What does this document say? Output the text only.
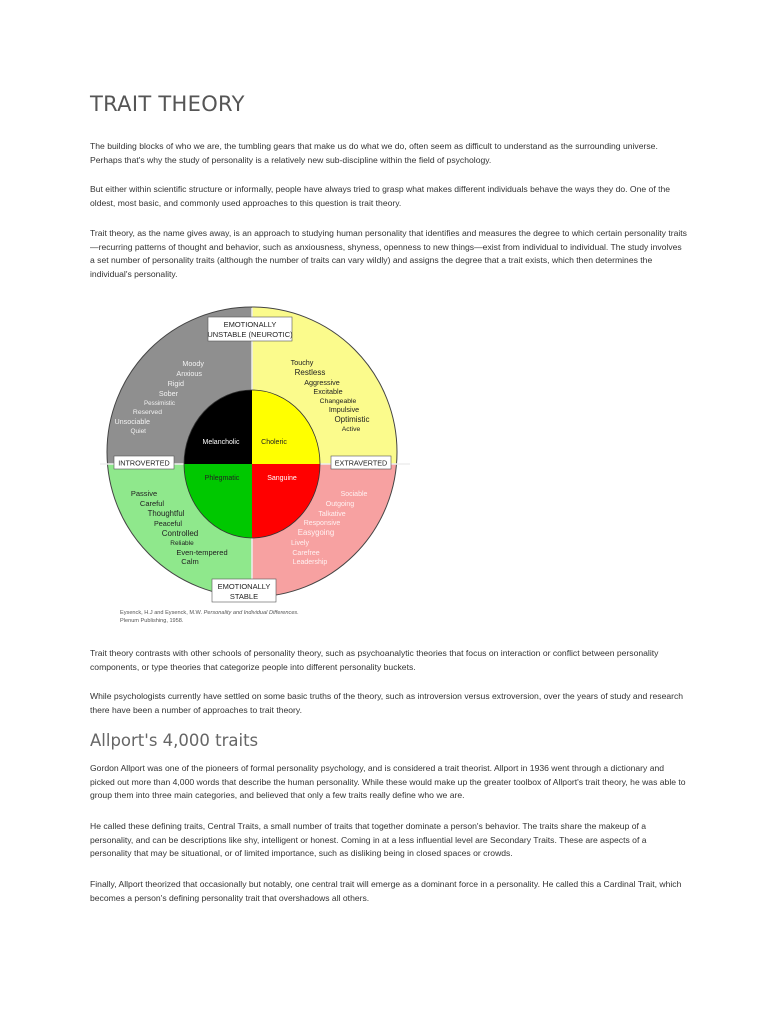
TRAIT THEORY

The building blocks of who we are, the tumbling gears that make us do what we do, often seem as difficult to understand as the surrounding universe. Perhaps that's why the study of personality is a relatively new sub-discipline within the field of psychology.

But either within scientific structure or informally, people have always tried to grasp what makes different individuals behave the ways they do. One of the oldest, most basic, and commonly used approaches to this question is trait theory.

Trait theory, as the name gives away, is an approach to studying human personality that identifies and measures the degree to which certain personality traits—recurring patterns of thought and behavior, such as anxiousness, shyness, openness to new things—exist from individual to individual. The study involves a set number of personality traits (although the number of traits can vary wildly) and assigns the degree that a trait exists, which then determines the individual's personality.

EMOTIONALLY
UNSTABLE (NEUROTIC)
EMOTIONALLY
STABLE
INTROVERTED	EXTRAVERTED
Melancholic	Choleric
Phlegmatic	Sanguine
Moody
Anxious
Rigid
Sober
Pessimistic
Reserved
Unsociable
Quiet
Touchy
Restless
Aggressive
Excitable
Changeable
Impulsive
Optimistic
Active
Passive
Careful
Thoughtful
Peaceful
Controlled
Reliable
Even-tempered
Calm
Sociable
Outgoing
Talkative
Responsive
Easygoing
Lively
Carefree
Leadership
Eysenck, H.J and Eysenck, M.W. Personality and Individual Differences.
Plenum Publishing, 1958.

Trait theory contrasts with other schools of personality theory, such as psychoanalytic theories that focus on interaction or conflict between personality components, or type theories that categorize people into different personality buckets.

While psychologists currently have settled on some basic truths of the theory, such as introversion versus extroversion, over the years of study and research there have been a number of approaches to trait theory.

Allport's 4,000 traits

Gordon Allport was one of the pioneers of formal personality psychology, and is considered a trait theorist. Allport in 1936 went through a dictionary and picked out more than 4,000 words that describe the human personality. While these would make up the greater toolbox of Allport's trait theory, he was able to group them into three main categories, and believed that only a few traits really define who we are.

He called these defining traits, Central Traits, a small number of traits that together dominate a person's behavior. The traits share the makeup of a personality, and can be descriptions like shy, intelligent or honest. Coming in at a less influential level are Secondary Traits. These are aspects of a personality that may be situational, or of limited importance, such as disliking being in closed spaces or crowds.

Finally, Allport theorized that occasionally but notably, one central trait will emerge as a dominant force in a personality. He called this a Cardinal Trait, which becomes a person's defining personality trait that overshadows all others.
